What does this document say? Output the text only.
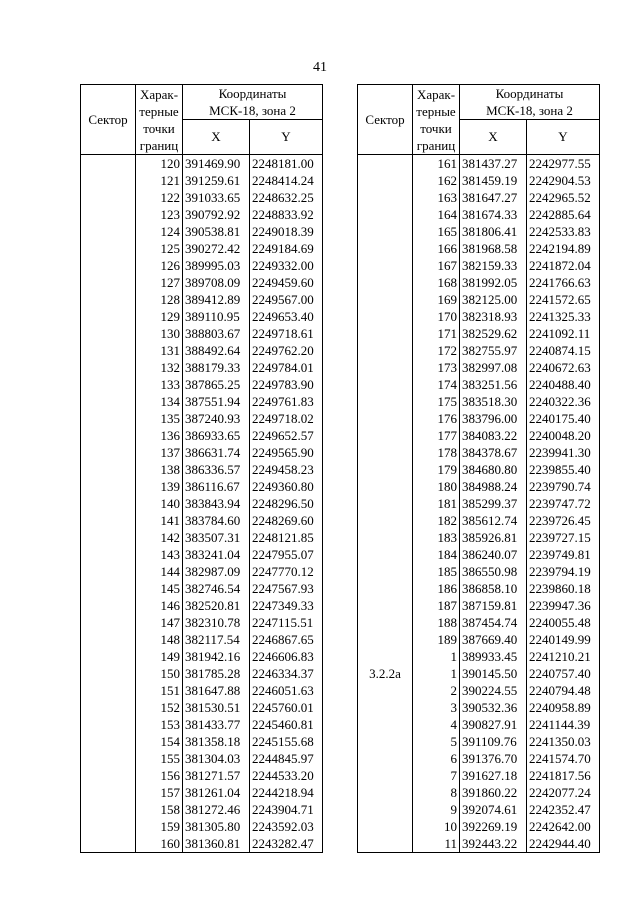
41
Сектор	Харак-
терные
точки
границ	Координаты
МСК-18, зона 2	
		X	Y
	120	391469.90	2248181.00
	121	391259.61	2248414.24
	122	391033.65	2248632.25
	123	390792.92	2248833.92
	124	390538.81	2249018.39
	125	390272.42	2249184.69
	126	389995.03	2249332.00
	127	389708.09	2249459.60
	128	389412.89	2249567.00
	129	389110.95	2249653.40
	130	388803.67	2249718.61
	131	388492.64	2249762.20
	132	388179.33	2249784.01
	133	387865.25	2249783.90
	134	387551.94	2249761.83
	135	387240.93	2249718.02
	136	386933.65	2249652.57
	137	386631.74	2249565.90
	138	386336.57	2249458.23
	139	386116.67	2249360.80
	140	383843.94	2248296.50
	141	383784.60	2248269.60
	142	383507.31	2248121.85
	143	383241.04	2247955.07
	144	382987.09	2247770.12
	145	382746.54	2247567.93
	146	382520.81	2247349.33
	147	382310.78	2247115.51
	148	382117.54	2246867.65
	149	381942.16	2246606.83
	150	381785.28	2246334.37
	151	381647.88	2246051.63
	152	381530.51	2245760.01
	153	381433.77	2245460.81
	154	381358.18	2245155.68
	155	381304.03	2244845.97
	156	381271.57	2244533.20
	157	381261.04	2244218.94
	158	381272.46	2243904.71
	159	381305.80	2243592.03
	160	381360.81	2243282.47
Сектор	Харак-
терные
точки
границ	Координаты
МСК-18, зона 2	
		X	Y
	161	381437.27	2242977.55
	162	381459.19	2242904.53
	163	381647.27	2242965.52
	164	381674.33	2242885.64
	165	381806.41	2242533.83
	166	381968.58	2242194.89
	167	382159.33	2241872.04
	168	381992.05	2241766.63
	169	382125.00	2241572.65
	170	382318.93	2241325.33
	171	382529.62	2241092.11
	172	382755.97	2240874.15
	173	382997.08	2240672.63
	174	383251.56	2240488.40
	175	383518.30	2240322.36
	176	383796.00	2240175.40
	177	384083.22	2240048.20
	178	384378.67	2239941.30
	179	384680.80	2239855.40
	180	384988.24	2239790.74
	181	385299.37	2239747.72
	182	385612.74	2239726.45
	183	385926.81	2239727.15
	184	386240.07	2239749.81
	185	386550.98	2239794.19
	186	386858.10	2239860.18
	187	387159.81	2239947.36
	188	387454.74	2240055.48
	189	387669.40	2240149.99
	1	389933.45	2241210.21
3.2.2а	1	390145.50	2240757.40
	2	390224.55	2240794.48
	3	390532.36	2240958.89
	4	390827.91	2241144.39
	5	391109.76	2241350.03
	6	391376.70	2241574.70
	7	391627.18	2241817.56
	8	391860.22	2242077.24
	9	392074.61	2242352.47
	10	392269.19	2242642.00
	11	392443.22	2242944.40
